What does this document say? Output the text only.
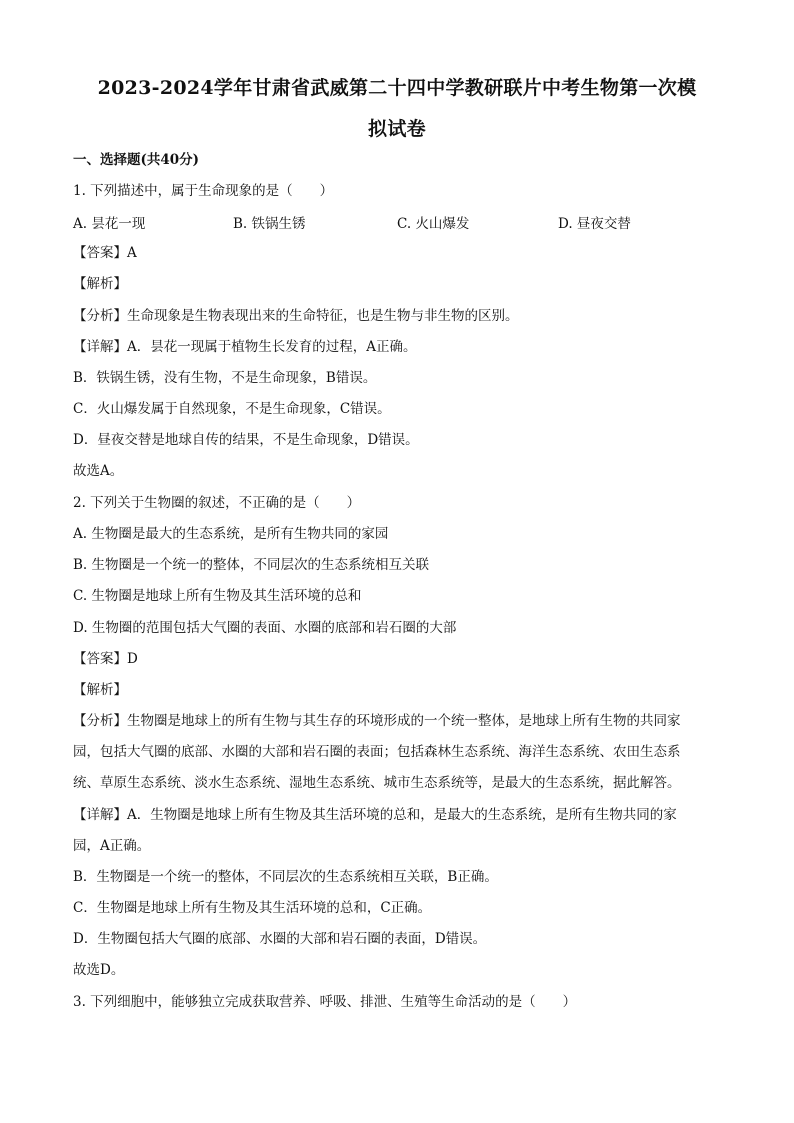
2023-2024学年甘肃省武威第二十四中学教研联片中考生物第一次模
拟试卷
一、选择题(共40分)
1. 下列描述中，属于生命现象的是（　　）
A. 昙花一现	B. 铁锅生锈	C. 火山爆发	D. 昼夜交替
【答案】A
【解析】
【分析】生命现象是生物表现出来的生命特征，也是生物与非生物的区别。
【详解】A．昙花一现属于植物生长发育的过程，A正确。
B．铁锅生锈，没有生物，不是生命现象，B错误。
C．火山爆发属于自然现象，不是生命现象，C错误。
D．昼夜交替是地球自传的结果，不是生命现象，D错误。
故选A。
2. 下列关于生物圈的叙述，不正确的是（　　）
A. 生物圈是最大的生态系统，是所有生物共同的家园
B. 生物圈是一个统一的整体，不同层次的生态系统相互关联
C. 生物圈是地球上所有生物及其生活环境的总和
D. 生物圈的范围包括大气圈的表面、水圈的底部和岩石圈的大部
【答案】D
【解析】
【分析】生物圈是地球上的所有生物与其生存的环境形成的一个统一整体，是地球上所有生物的共同家
园，包括大气圈的底部、水圈的大部和岩石圈的表面；包括森林生态系统、海洋生态系统、农田生态系
统、草原生态系统、淡水生态系统、湿地生态系统、城市生态系统等，是最大的生态系统，据此解答。
【详解】A．生物圈是地球上所有生物及其生活环境的总和，是最大的生态系统，是所有生物共同的家
园，A正确。
B．生物圈是一个统一的整体，不同层次的生态系统相互关联，B正确。
C．生物圈是地球上所有生物及其生活环境的总和，C正确。
D．生物圈包括大气圈的底部、水圈的大部和岩石圈的表面，D错误。
故选D。
3. 下列细胞中，能够独立完成获取营养、呼吸、排泄、生殖等生命活动的是（　　）
